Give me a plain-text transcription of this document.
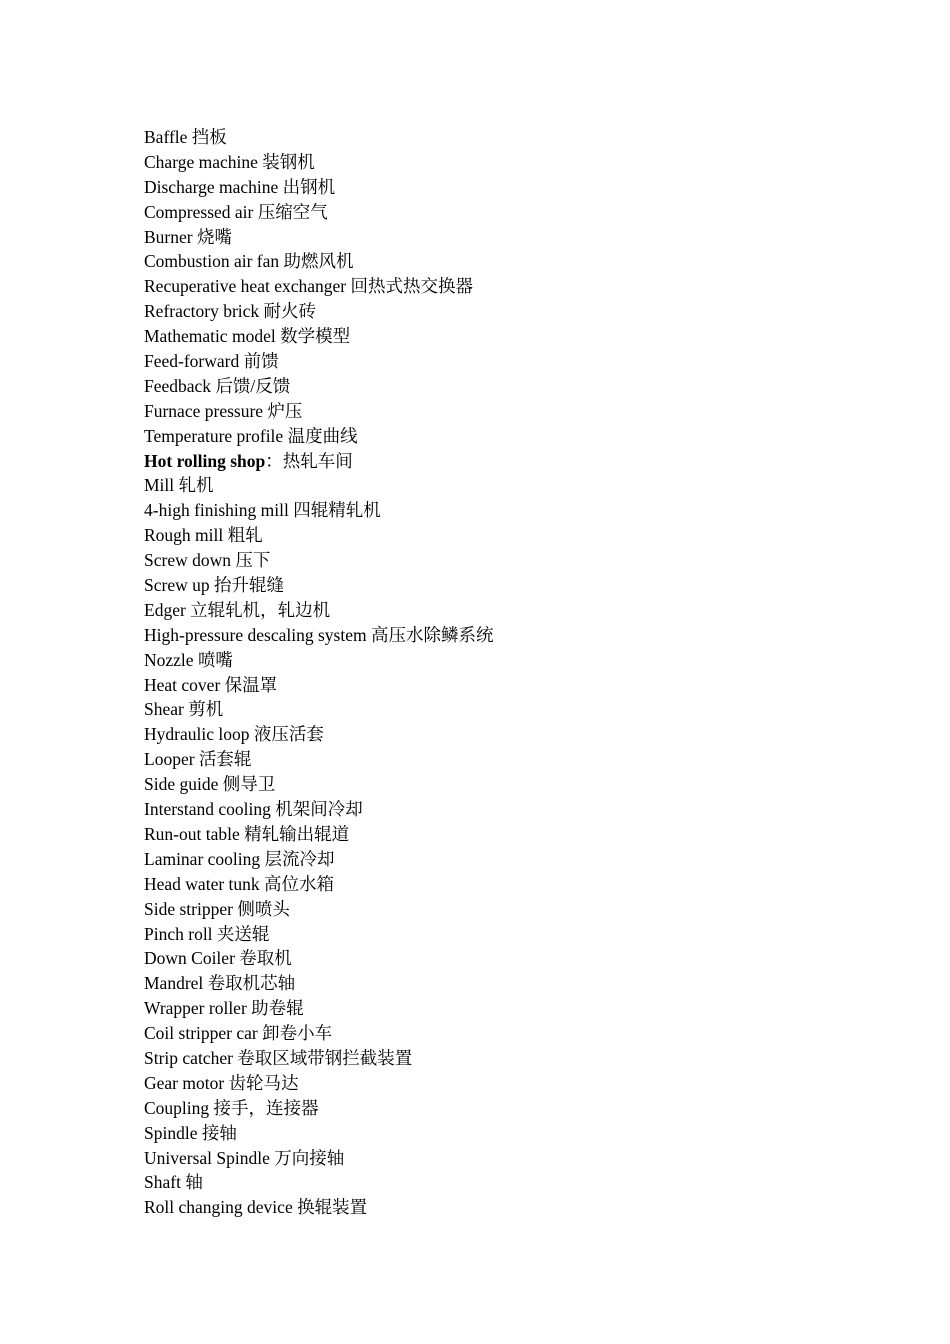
Baffle 挡板
Charge machine 装钢机
Discharge machine 出钢机
Compressed air 压缩空气
Burner 烧嘴
Combustion air fan 助燃风机
Recuperative heat exchanger 回热式热交换器
Refractory brick 耐火砖
Mathematic model 数学模型
Feed-forward 前馈
Feedback 后馈/反馈
Furnace pressure 炉压
Temperature profile 温度曲线
Hot rolling shop：热轧车间
Mill 轧机
4-high finishing mill 四辊精轧机
Rough mill 粗轧
Screw down 压下
Screw up 抬升辊缝
Edger 立辊轧机，轧边机
High-pressure descaling system 高压水除鳞系统
Nozzle 喷嘴
Heat cover 保温罩
Shear 剪机
Hydraulic loop 液压活套
Looper 活套辊
Side guide 侧导卫
Interstand cooling 机架间冷却
Run-out table 精轧输出辊道
Laminar cooling 层流冷却
Head water tunk 高位水箱
Side stripper 侧喷头
Pinch roll 夹送辊
Down Coiler 卷取机
Mandrel 卷取机芯轴
Wrapper roller 助卷辊
Coil stripper car 卸卷小车
Strip catcher 卷取区域带钢拦截装置
Gear motor 齿轮马达
Coupling 接手，连接器
Spindle 接轴
Universal Spindle 万向接轴
Shaft 轴
Roll changing device 换辊装置
